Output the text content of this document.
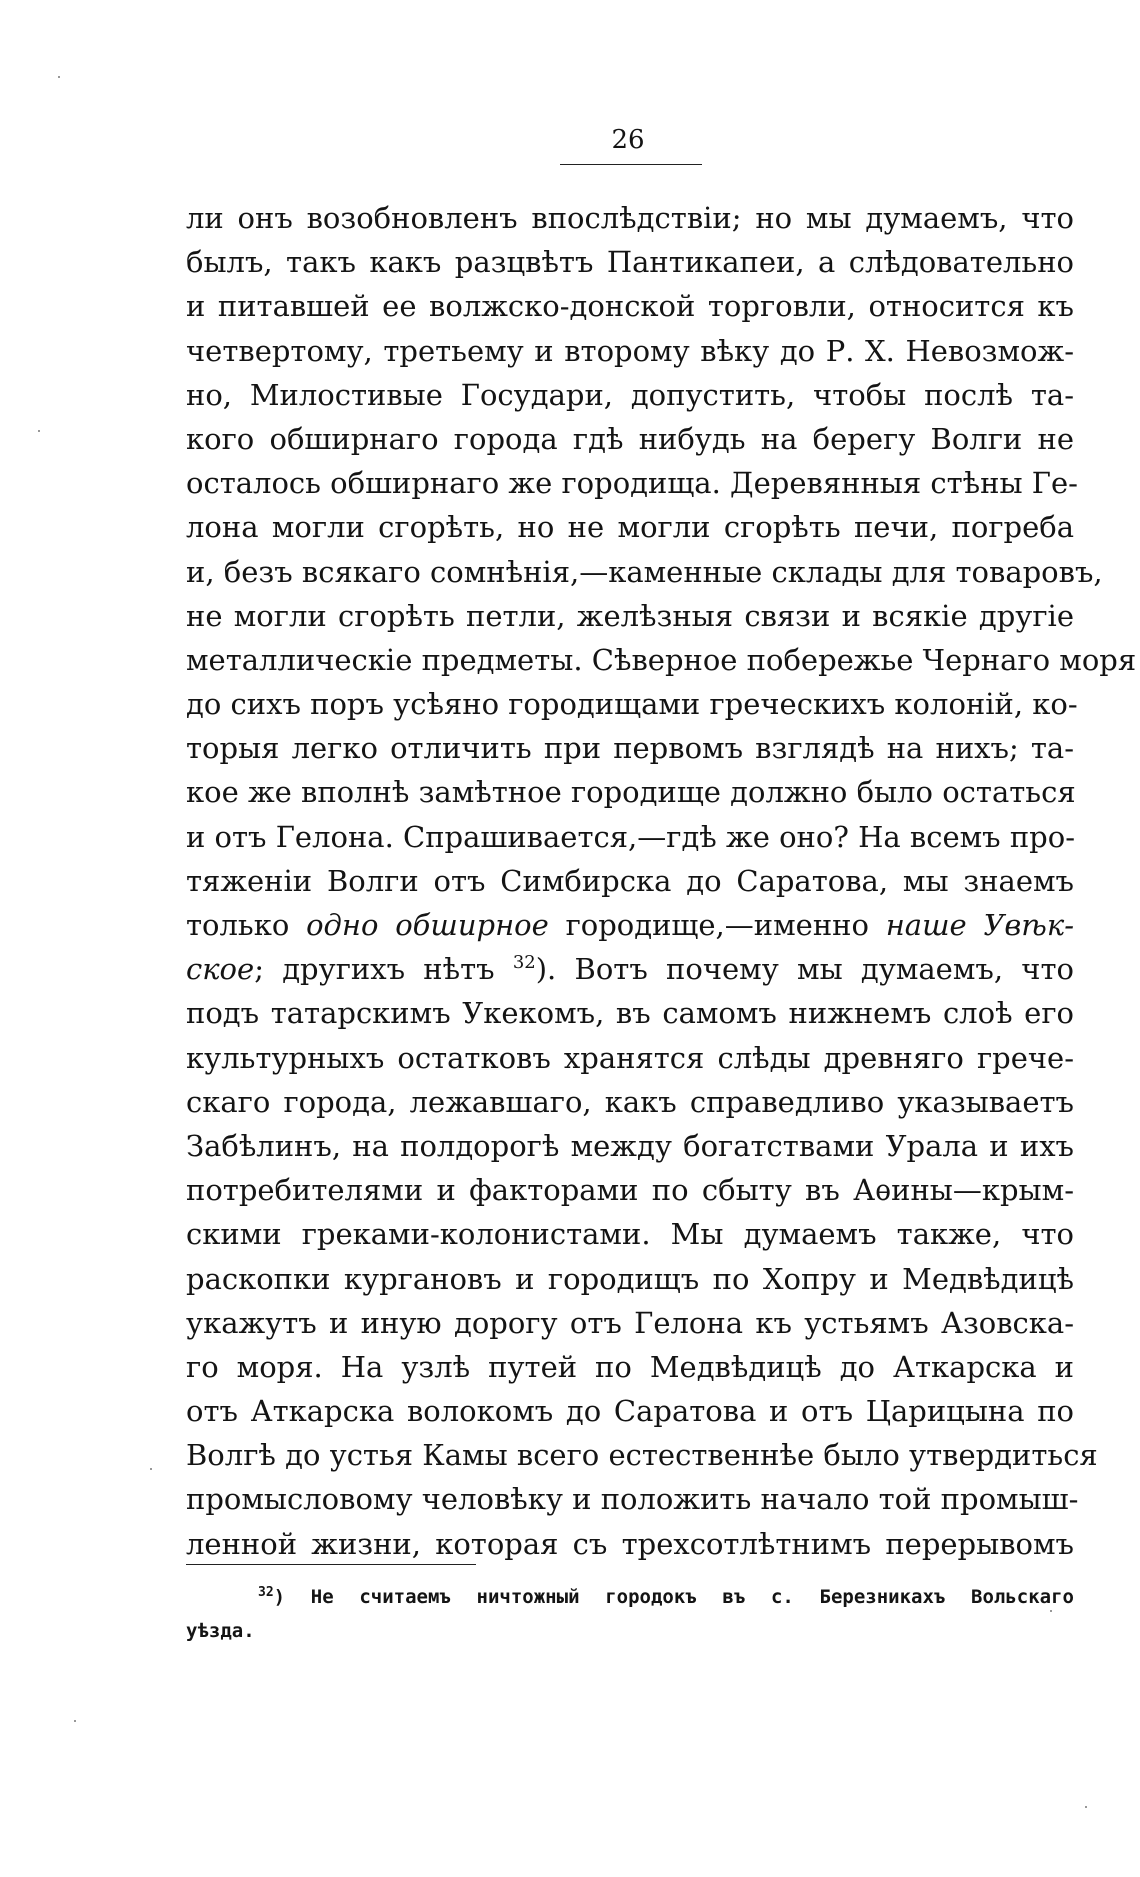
26
ли онъ возобновленъ впослѣдствіи; но мы думаемъ, что
былъ, такъ какъ разцвѣтъ Пантикапеи, а слѣдовательно
и питавшей ее волжско-донской торговли, относится къ
четвертому, третьему и второму вѣку до Р. Х. Невозмож-
но, Милостивые Государи, допустить, чтобы послѣ та-
кого обширнаго города гдѣ нибудь на берегу Волги не
осталось обширнаго же городища. Деревянныя стѣны Ге-
лона могли сгорѣть, но не могли сгорѣть печи, погреба
и, безъ всякаго сомнѣнія,—каменные склады для товаровъ,
не могли сгорѣть петли, желѣзныя связи и всякіе другіе
металлическіе предметы. Сѣверное побережье Чернаго моря
до сихъ поръ усѣяно городищами греческихъ колоній, ко-
торыя легко отличить при первомъ взглядѣ на нихъ; та-
кое же вполнѣ замѣтное городище должно было остаться
и отъ Гелона. Спрашивается,—гдѣ же оно? На всемъ про-
тяженіи Волги отъ Симбирска до Саратова, мы знаемъ
только одно обширное городище,—именно наше Увѣк-
ское; другихъ нѣтъ $^{32}$). Вотъ почему мы думаемъ, что
подъ татарскимъ Укекомъ, въ самомъ нижнемъ слоѣ его
культурныхъ остатковъ хранятся слѣды древняго грече-
скаго города, лежавшаго, какъ справедливо указываетъ
Забѣлинъ, на полдорогѣ между богатствами Урала и ихъ
потребителями и факторами по сбыту въ Аѳины—крым-
скими греками-колонистами. Мы думаемъ также, что
раскопки кургановъ и городищъ по Хопру и Медвѣдицѣ
укажутъ и иную дорогу отъ Гелона къ устьямъ Азовска-
го моря. На узлѣ путей по Медвѣдицѣ до Аткарска и
отъ Аткарска волокомъ до Саратова и отъ Царицына по
Волгѣ до устья Камы всего естественнѣе было утвердиться
промысловому человѣку и положить начало той промыш-
ленной жизни, которая съ трехсотлѣтнимъ перерывомъ
$^{32}$) Не считаемъ ничтожный городокъ въ с. Березникахъ Вольскаго
уѣзда.
